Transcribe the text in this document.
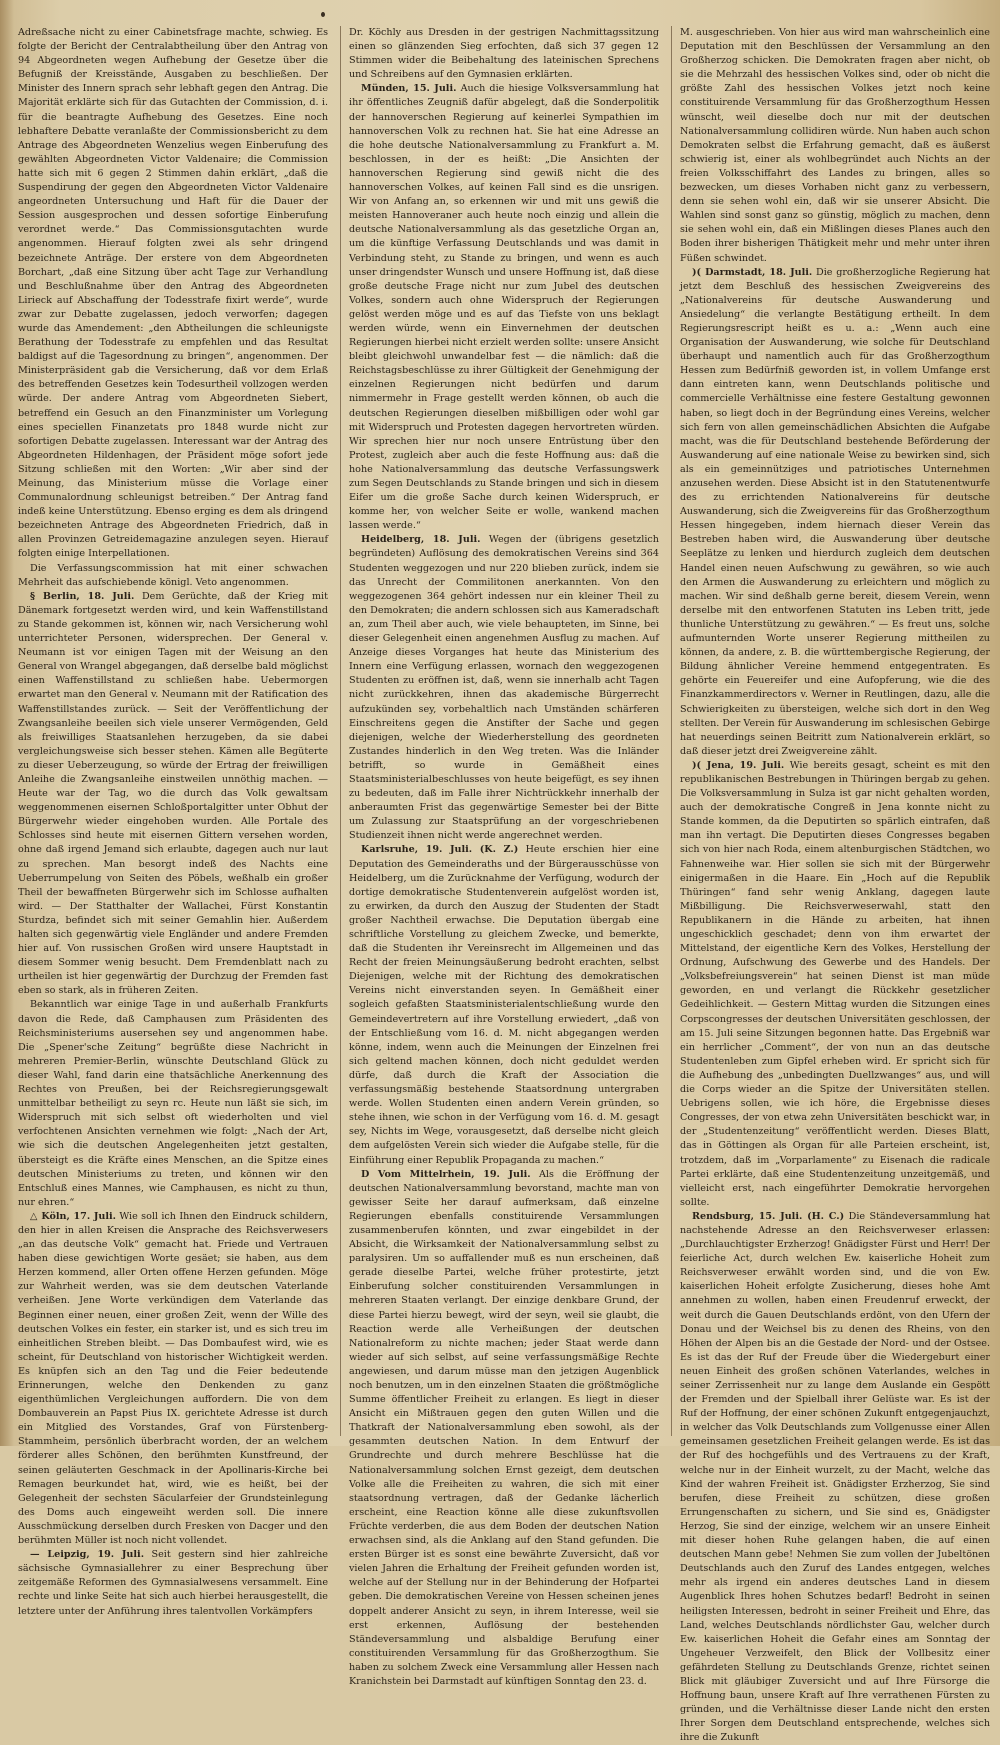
Adreßsache nicht zu einer Cabinetsfrage machte, schwieg. Es folgte der Bericht der Centralabtheilung über den Antrag von 94 Abgeordneten wegen Aufhebung der Gesetze über die Befugniß der Kreisstände, Ausgaben zu beschließen. Der Minister des Innern sprach sehr lebhaft gegen den Antrag. Die Majorität erklärte sich für das Gutachten der Commission, d. i. für die beantragte Aufhebung des Gesetzes. Eine noch lebhaftere Debatte veranlaßte der Commissionsbericht zu dem Antrage des Abgeordneten Wenzelius wegen Einberufung des gewählten Abgeordneten Victor Valdenaire; die Commission hatte sich mit 6 gegen 2 Stimmen dahin erklärt, „daß die Suspendirung der gegen den Abgeordneten Victor Valdenaire angeordneten Untersuchung und Haft für die Dauer der Session ausgesprochen und dessen sofortige Einberufung verordnet werde.“ Das Commissionsgutachten wurde angenommen. Hierauf folgten zwei als sehr dringend bezeichnete Anträge. Der erstere von dem Abgeordneten Borchart, „daß eine Sitzung über acht Tage zur Verhandlung und Beschlußnahme über den Antrag des Abgeordneten Lirieck auf Abschaffung der Todesstrafe fixirt werde“, wurde zwar zur Debatte zugelassen, jedoch verworfen; dagegen wurde das Amendement: „den Abtheilungen die schleunigste Berathung der Todesstrafe zu empfehlen und das Resultat baldigst auf die Tagesordnung zu bringen“, angenommen. Der Ministerpräsident gab die Versicherung, daß vor dem Erlaß des betreffenden Gesetzes kein Todesurtheil vollzogen werden würde. Der andere Antrag vom Abgeordneten Siebert, betreffend ein Gesuch an den Finanzminister um Vorlegung eines speciellen Finanzetats pro 1848 wurde nicht zur sofortigen Debatte zugelassen. Interessant war der Antrag des Abgeordneten Hildenhagen, der Präsident möge sofort jede Sitzung schließen mit den Worten: „Wir aber sind der Meinung, das Ministerium müsse die Vorlage einer Communalordnung schleunigst betreiben.“ Der Antrag fand indeß keine Unterstützung. Ebenso erging es dem als dringend bezeichneten Antrage des Abgeordneten Friedrich, daß in allen Provinzen Getreidemagazine anzulegen seyen. Hierauf folgten einige Interpellationen.

Die Verfassungscommission hat mit einer schwachen Mehrheit das aufschiebende königl. Veto angenommen.

§ Berlin, 18. Juli. Dem Gerüchte, daß der Krieg mit Dänemark fortgesetzt werden wird, und kein Waffenstillstand zu Stande gekommen ist, können wir, nach Versicherung wohl unterrichteter Personen, widersprechen. Der General v. Neumann ist vor einigen Tagen mit der Weisung an den General von Wrangel abgegangen, daß derselbe bald möglichst einen Waffenstillstand zu schließen habe. Uebermorgen erwartet man den General v. Neumann mit der Ratification des Waffenstillstandes zurück. — Seit der Veröffentlichung der Zwangsanleihe beeilen sich viele unserer Vermögenden, Geld als freiwilliges Staatsanlehen herzugeben, da sie dabei vergleichungsweise sich besser stehen. Kämen alle Begüterte zu dieser Ueberzeugung, so würde der Ertrag der freiwilligen Anleihe die Zwangsanleihe einstweilen unnöthig machen. — Heute war der Tag, wo die durch das Volk gewaltsam weggenommenen eisernen Schloßportalgitter unter Obhut der Bürgerwehr wieder eingehoben wurden. Alle Portale des Schlosses sind heute mit eisernen Gittern versehen worden, ohne daß irgend Jemand sich erlaubte, dagegen auch nur laut zu sprechen. Man besorgt indeß des Nachts eine Ueberrumpelung von Seiten des Pöbels, weßhalb ein großer Theil der bewaffneten Bürgerwehr sich im Schlosse aufhalten wird. — Der Statthalter der Wallachei, Fürst Konstantin Sturdza, befindet sich mit seiner Gemahlin hier. Außerdem halten sich gegenwärtig viele Engländer und andere Fremden hier auf. Von russischen Großen wird unsere Hauptstadt in diesem Sommer wenig besucht. Dem Fremdenblatt nach zu urtheilen ist hier gegenwärtig der Durchzug der Fremden fast eben so stark, als in früheren Zeiten.

Bekanntlich war einige Tage in und außerhalb Frankfurts davon die Rede, daß Camphausen zum Präsidenten des Reichsministeriums ausersehen sey und angenommen habe. Die „Spener'sche Zeitung“ begrüßte diese Nachricht in mehreren Premier-Berlin, wünschte Deutschland Glück zu dieser Wahl, fand darin eine thatsächliche Anerkennung des Rechtes von Preußen, bei der Reichsregierungsgewalt unmittelbar betheiligt zu seyn rc. Heute nun läßt sie sich, im Widerspruch mit sich selbst oft wiederholten und viel verfochtenen Ansichten vernehmen wie folgt: „Nach der Art, wie sich die deutschen Angelegenheiten jetzt gestalten, übersteigt es die Kräfte eines Menschen, an die Spitze eines deutschen Ministeriums zu treten, und können wir den Entschluß eines Mannes, wie Camphausen, es nicht zu thun, nur ehren.“

△ Köln, 17. Juli. Wie soll ich Ihnen den Eindruck schildern, den hier in allen Kreisen die Ansprache des Reichsverwesers „an das deutsche Volk“ gemacht hat. Friede und Vertrauen haben diese gewichtigen Worte gesäet; sie haben, aus dem Herzen kommend, aller Orten offene Herzen gefunden. Möge zur Wahrheit werden, was sie dem deutschen Vaterlande verheißen. Jene Worte verkündigen dem Vaterlande das Beginnen einer neuen, einer großen Zeit, wenn der Wille des deutschen Volkes ein fester, ein starker ist, und es sich treu im einheitlichen Streben bleibt. — Das Dombaufest wird, wie es scheint, für Deutschland von historischer Wichtigkeit werden. Es knüpfen sich an den Tag und die Feier bedeutende Erinnerungen, welche den Denkenden zu ganz eigenthümlichen Vergleichungen auffordern. Die von dem Dombauverein an Papst Pius IX. gerichtete Adresse ist durch ein Mitglied des Vorstandes, Graf von Fürstenberg-Stammheim, persönlich überbracht worden, der an welchem förderer alles Schönen, den berühmten Kunstfreund, der seinen geläuterten Geschmack in der Apollinaris-Kirche bei Remagen beurkundet hat, wird, wie es heißt, bei der Gelegenheit der sechsten Säcularfeier der Grundsteinlegung des Doms auch eingeweiht werden soll. Die innere Ausschmückung derselben durch Fresken von Dacger und den berühmten Müller ist noch nicht vollendet.

— Leipzig, 19. Juli. Seit gestern sind hier zahlreiche sächsische Gymnasiallehrer zu einer Besprechung über zeitgemäße Reformen des Gymnasialwesens versammelt. Eine rechte und linke Seite hat sich auch hierbei herausgestellt, die letztere unter der Anführung ihres talentvollen Vorkämpfers

Dr. Köchly aus Dresden in der gestrigen Nachmittagssitzung einen so glänzenden Sieg erfochten, daß sich 37 gegen 12 Stimmen wider die Beibehaltung des lateinischen Sprechens und Schreibens auf den Gymnasien erklärten.

Münden, 15. Juli. Auch die hiesige Volksversammlung hat ihr öffentliches Zeugniß dafür abgelegt, daß die Sonderpolitik der hannoverschen Regierung auf keinerlei Sympathien im hannoverschen Volk zu rechnen hat. Sie hat eine Adresse an die hohe deutsche Nationalversammlung zu Frankfurt a. M. beschlossen, in der es heißt: „Die Ansichten der hannoverschen Regierung sind gewiß nicht die des hannoverschen Volkes, auf keinen Fall sind es die unsrigen. Wir von Anfang an, so erkennen wir und mit uns gewiß die meisten Hannoveraner auch heute noch einzig und allein die deutsche Nationalversammlung als das gesetzliche Organ an, um die künftige Verfassung Deutschlands und was damit in Verbindung steht, zu Stande zu bringen, und wenn es auch unser dringendster Wunsch und unsere Hoffnung ist, daß diese große deutsche Frage nicht nur zum Jubel des deutschen Volkes, sondern auch ohne Widerspruch der Regierungen gelöst werden möge und es auf das Tiefste von uns beklagt werden würde, wenn ein Einvernehmen der deutschen Regierungen hierbei nicht erzielt werden sollte: unsere Ansicht bleibt gleichwohl unwandelbar fest — die nämlich: daß die Reichstagsbeschlüsse zu ihrer Gültigkeit der Genehmigung der einzelnen Regierungen nicht bedürfen und darum nimmermehr in Frage gestellt werden können, ob auch die deutschen Regierungen dieselben mißbilligen oder wohl gar mit Widerspruch und Protesten dagegen hervortreten würden. Wir sprechen hier nur noch unsere Entrüstung über den Protest, zugleich aber auch die feste Hoffnung aus: daß die hohe Nationalversammlung das deutsche Verfassungswerk zum Segen Deutschlands zu Stande bringen und sich in diesem Eifer um die große Sache durch keinen Widerspruch, er komme her, von welcher Seite er wolle, wankend machen lassen werde.“

Heidelberg, 18. Juli. Wegen der (übrigens gesetzlich begründeten) Auflösung des demokratischen Vereins sind 364 Studenten weggezogen und nur 220 blieben zurück, indem sie das Unrecht der Commilitonen anerkannten. Von den weggezogenen 364 gehört indessen nur ein kleiner Theil zu den Demokraten; die andern schlossen sich aus Kameradschaft an, zum Theil aber auch, wie viele behaupteten, im Sinne, bei dieser Gelegenheit einen angenehmen Ausflug zu machen. Auf Anzeige dieses Vorganges hat heute das Ministerium des Innern eine Verfügung erlassen, wornach den weggezogenen Studenten zu eröffnen ist, daß, wenn sie innerhalb acht Tagen nicht zurückkehren, ihnen das akademische Bürgerrecht aufzukünden sey, vorbehaltlich nach Umständen schärferen Einschreitens gegen die Anstifter der Sache und gegen diejenigen, welche der Wiederherstellung des geordneten Zustandes hinderlich in den Weg treten. Was die Inländer betrifft, so wurde in Gemäßheit eines Staatsministerialbeschlusses von heute beigefügt, es sey ihnen zu bedeuten, daß im Falle ihrer Nichtrückkehr innerhalb der anberaumten Frist das gegenwärtige Semester bei der Bitte um Zulassung zur Staatsprüfung an der vorgeschriebenen Studienzeit ihnen nicht werde angerechnet werden.

Karlsruhe, 19. Juli. (K. Z.) Heute erschien hier eine Deputation des Gemeinderaths und der Bürgerausschüsse von Heidelberg, um die Zurücknahme der Verfügung, wodurch der dortige demokratische Studentenverein aufgelöst worden ist, zu erwirken, da durch den Auszug der Studenten der Stadt großer Nachtheil erwachse. Die Deputation übergab eine schriftliche Vorstellung zu gleichem Zwecke, und bemerkte, daß die Studenten ihr Vereinsrecht im Allgemeinen und das Recht der freien Meinungsäußerung bedroht erachten, selbst Diejenigen, welche mit der Richtung des demokratischen Vereins nicht einverstanden seyen. In Gemäßheit einer sogleich gefaßten Staatsministerialentschließung wurde den Gemeindevertretern auf ihre Vorstellung erwiedert, „daß von der Entschließung vom 16. d. M. nicht abgegangen werden könne, indem, wenn auch die Meinungen der Einzelnen frei sich geltend machen können, doch nicht geduldet werden dürfe, daß durch die Kraft der Association die verfassungsmäßig bestehende Staatsordnung untergraben werde. Wollen Studenten einen andern Verein gründen, so stehe ihnen, wie schon in der Verfügung vom 16. d. M. gesagt sey, Nichts im Wege, vorausgesetzt, daß derselbe nicht gleich dem aufgelösten Verein sich wieder die Aufgabe stelle, für die Einführung einer Republik Propaganda zu machen.“

D Vom Mittelrhein, 19. Juli. Als die Eröffnung der deutschen Nationalversammlung bevorstand, machte man von gewisser Seite her darauf aufmerksam, daß einzelne Regierungen ebenfalls constituirende Versammlungen zusammenberufen könnten, und zwar eingebildet in der Absicht, die Wirksamkeit der Nationalversammlung selbst zu paralysiren. Um so auffallender muß es nun erscheinen, daß gerade dieselbe Partei, welche früher protestirte, jetzt Einberufung solcher constituirenden Versammlungen in mehreren Staaten verlangt. Der einzige denkbare Grund, der diese Partei hierzu bewegt, wird der seyn, weil sie glaubt, die Reaction werde alle Verheißungen der deutschen Nationalreform zu nichte machen; jeder Staat werde dann wieder auf sich selbst, auf seine verfassungsmäßige Rechte angewiesen, und darum müsse man den jetzigen Augenblick noch benutzen, um in den einzelnen Staaten die größtmögliche Summe öffentlicher Freiheit zu erlangen. Es liegt in dieser Ansicht ein Mißtrauen gegen den guten Willen und die Thatkraft der Nationalversammlung eben sowohl, als der gesammten deutschen Nation. In dem Entwurf der Grundrechte und durch mehrere Beschlüsse hat die Nationalversammlung solchen Ernst gezeigt, dem deutschen Volke alle die Freiheiten zu wahren, die sich mit einer staatsordnung vertragen, daß der Gedanke lächerlich erscheint, eine Reaction könne alle diese zukunftsvollen Früchte verderben, die aus dem Boden der deutschen Nation erwachsen sind, als die Anklang auf den Stand gefunden. Die ersten Bürger ist es sonst eine bewährte Zuversicht, daß vor vielen Jahren die Erhaltung der Freiheit gefunden worden ist, welche auf der Stellung nur in der Behinderung der Hofpartei geben. Die demokratischen Vereine von Hessen scheinen jenes doppelt anderer Ansicht zu seyn, in ihrem Interesse, weil sie erst erkennen, Auflösung der bestehenden Ständeversammlung und alsbaldige Berufung einer constituirenden Versammlung für das Großherzogthum. Sie haben zu solchem Zweck eine Versammlung aller Hessen nach Kranichstein bei Darmstadt auf künftigen Sonntag den 23. d.

M. ausgeschrieben. Von hier aus wird man wahrscheinlich eine Deputation mit den Beschlüssen der Versammlung an den Großherzog schicken. Die Demokraten fragen aber nicht, ob sie die Mehrzahl des hessischen Volkes sind, oder ob nicht die größte Zahl des hessischen Volkes jetzt noch keine constituirende Versammlung für das Großherzogthum Hessen wünscht, weil dieselbe doch nur mit der deutschen Nationalversammlung collidiren würde. Nun haben auch schon Demokraten selbst die Erfahrung gemacht, daß es äußerst schwierig ist, einer als wohlbegründet auch Nichts an der freien Volksschiffahrt des Landes zu bringen, alles so bezwecken, um dieses Vorhaben nicht ganz zu verbessern, denn sie sehen wohl ein, daß wir sie unserer Absicht. Die Wahlen sind sonst ganz so günstig, möglich zu machen, denn sie sehen wohl ein, daß ein Mißlingen dieses Planes auch den Boden ihrer bisherigen Thätigkeit mehr und mehr unter ihren Füßen schwindet.

)( Darmstadt, 18. Juli. Die großherzogliche Regierung hat jetzt dem Beschluß des hessischen Zweigvereins des „Nationalvereins für deutsche Auswanderung und Ansiedelung“ die verlangte Bestätigung ertheilt. In dem Regierungsrescript heißt es u. a.: „Wenn auch eine Organisation der Auswanderung, wie solche für Deutschland überhaupt und namentlich auch für das Großherzogthum Hessen zum Bedürfniß geworden ist, in vollem Umfange erst dann eintreten kann, wenn Deutschlands politische und commercielle Verhältnisse eine festere Gestaltung gewonnen haben, so liegt doch in der Begründung eines Vereins, welcher sich fern von allen gemeinschädlichen Absichten die Aufgabe macht, was die für Deutschland bestehende Beförderung der Auswanderung auf eine nationale Weise zu bewirken sind, sich als ein gemeinnütziges und patriotisches Unternehmen anzusehen werden. Diese Absicht ist in den Statutenentwurfe des zu errichtenden Nationalvereins für deutsche Auswanderung, sich die Zweigvereins für das Großherzogthum Hessen hingegeben, indem hiernach dieser Verein das Bestreben haben wird, die Auswanderung über deutsche Seeplätze zu lenken und hierdurch zugleich dem deutschen Handel einen neuen Aufschwung zu gewähren, so wie auch den Armen die Auswanderung zu erleichtern und möglich zu machen. Wir sind deßhalb gerne bereit, diesem Verein, wenn derselbe mit den entworfenen Statuten ins Leben tritt, jede thunliche Unterstützung zu gewähren.“ — Es freut uns, solche aufmunternden Worte unserer Regierung mittheilen zu können, da andere, z. B. die württembergische Regierung, der Bildung ähnlicher Vereine hemmend entgegentraten. Es gehörte ein Feuereifer und eine Aufopferung, wie die des Finanzkammerdirectors v. Werner in Reutlingen, dazu, alle die Schwierigkeiten zu übersteigen, welche sich dort in den Weg stellten. Der Verein für Auswanderung im schlesischen Gebirge hat neuerdings seinen Beitritt zum Nationalverein erklärt, so daß dieser jetzt drei Zweigvereine zählt.

)( Jena, 19. Juli. Wie bereits gesagt, scheint es mit den republikanischen Bestrebungen in Thüringen bergab zu gehen. Die Volksversammlung in Sulza ist gar nicht gehalten worden, auch der demokratische Congreß in Jena konnte nicht zu Stande kommen, da die Deputirten so spärlich eintrafen, daß man ihn vertagt. Die Deputirten dieses Congresses begaben sich von hier nach Roda, einem altenburgischen Städtchen, wo Fahnenweihe war. Hier sollen sie sich mit der Bürgerwehr einigermaßen in die Haare. Ein „Hoch auf die Republik Thüringen“ fand sehr wenig Anklang, dagegen laute Mißbilligung. Die Reichsverweserwahl, statt den Republikanern in die Hände zu arbeiten, hat ihnen ungeschicklich geschadet; denn von ihm erwartet der Mittelstand, der eigentliche Kern des Volkes, Herstellung der Ordnung, Aufschwung des Gewerbe und des Handels. Der „Volksbefreiungsverein“ hat seinen Dienst ist man müde geworden, en und verlangt die Rückkehr gesetzlicher Gedeihlichkeit. — Gestern Mittag wurden die Sitzungen eines Corpscongresses der deutschen Universitäten geschlossen, der am 15. Juli seine Sitzungen begonnen hatte. Das Ergebniß war ein herrlicher „Comment“, der von nun an das deutsche Studentenleben zum Gipfel erheben wird. Er spricht sich für die Aufhebung des „unbedingten Duellzwanges“ aus, und will die Corps wieder an die Spitze der Universitäten stellen. Uebrigens sollen, wie ich höre, die Ergebnisse dieses Congresses, der von etwa zehn Universitäten beschickt war, in der „Studentenzeitung“ veröffentlicht werden. Dieses Blatt, das in Göttingen als Organ für alle Parteien erscheint, ist, trotzdem, daß im „Vorparlamente“ zu Eisenach die radicale Partei erklärte, daß eine Studentenzeitung unzeitgemäß, und vielleicht erst, nach eingeführter Demokratie hervorgehen sollte.

Rendsburg, 15. Juli. (H. C.) Die Ständeversammlung hat nachstehende Adresse an den Reichsverweser erlassen: „Durchlauchtigster Erzherzog! Gnädigster Fürst und Herr! Der feierliche Act, durch welchen Ew. kaiserliche Hoheit zum Reichsverweser erwählt worden sind, und die von Ew. kaiserlichen Hoheit erfolgte Zusicherung, dieses hohe Amt annehmen zu wollen, haben einen Freudenruf erweckt, der weit durch die Gauen Deutschlands erdönt, von den Ufern der Donau und der Weichsel bis zu denen des Rheins, von den Höhen der Alpen bis an die Gestade der Nord- und der Ostsee. Es ist das der Ruf der Freude über die Wiedergeburt einer neuen Einheit des großen schönen Vaterlandes, welches in seiner Zerrissenheit nur zu lange dem Auslande ein Gespött der Fremden und der Spielball ihrer Gelüste war. Es ist der Ruf der Hoffnung, der einer schönen Zukunft entgegenjauchzt, in welcher das Volk Deutschlands zum Vollgenusse einer Allen gemeinsamen gesetzlichen Freiheit gelangen werde. Es ist das der Ruf des hochgefühls und des Vertrauens zu der Kraft, welche nur in der Einheit wurzelt, zu der Macht, welche das Kind der wahren Freiheit ist. Gnädigster Erzherzog, Sie sind berufen, diese Freiheit zu schützen, diese großen Errungenschaften zu sichern, und Sie sind es, Gnädigster Herzog, Sie sind der einzige, welchem wir an unsere Einheit mit dieser hohen Ruhe gelangen haben, die auf einen deutschen Mann gebe! Nehmen Sie zum vollen der Jubeltönen Deutschlands auch den Zuruf des Landes entgegen, welches mehr als irgend ein anderes deutsches Land in diesem Augenblick Ihres hohen Schutzes bedarf! Bedroht in seinen heiligsten Interessen, bedroht in seiner Freiheit und Ehre, das Land, welches Deutschlands nördlichster Gau, welcher durch Ew. kaiserlichen Hoheit die Gefahr eines am Sonntag der Ungeheuer Verzweifelt, den Blick der Vollbesitz einer gefährdeten Stellung zu Deutschlands Grenze, richtet seinen Blick mit gläubiger Zuversicht und auf Ihre Fürsorge die Hoffnung baun, unsere Kraft auf Ihre verrathenen Fürsten zu gründen, und die Verhältnisse dieser Lande nicht den ersten Ihrer Sorgen dem Deutschland entsprechende, welches sich ihre die Zukunft
